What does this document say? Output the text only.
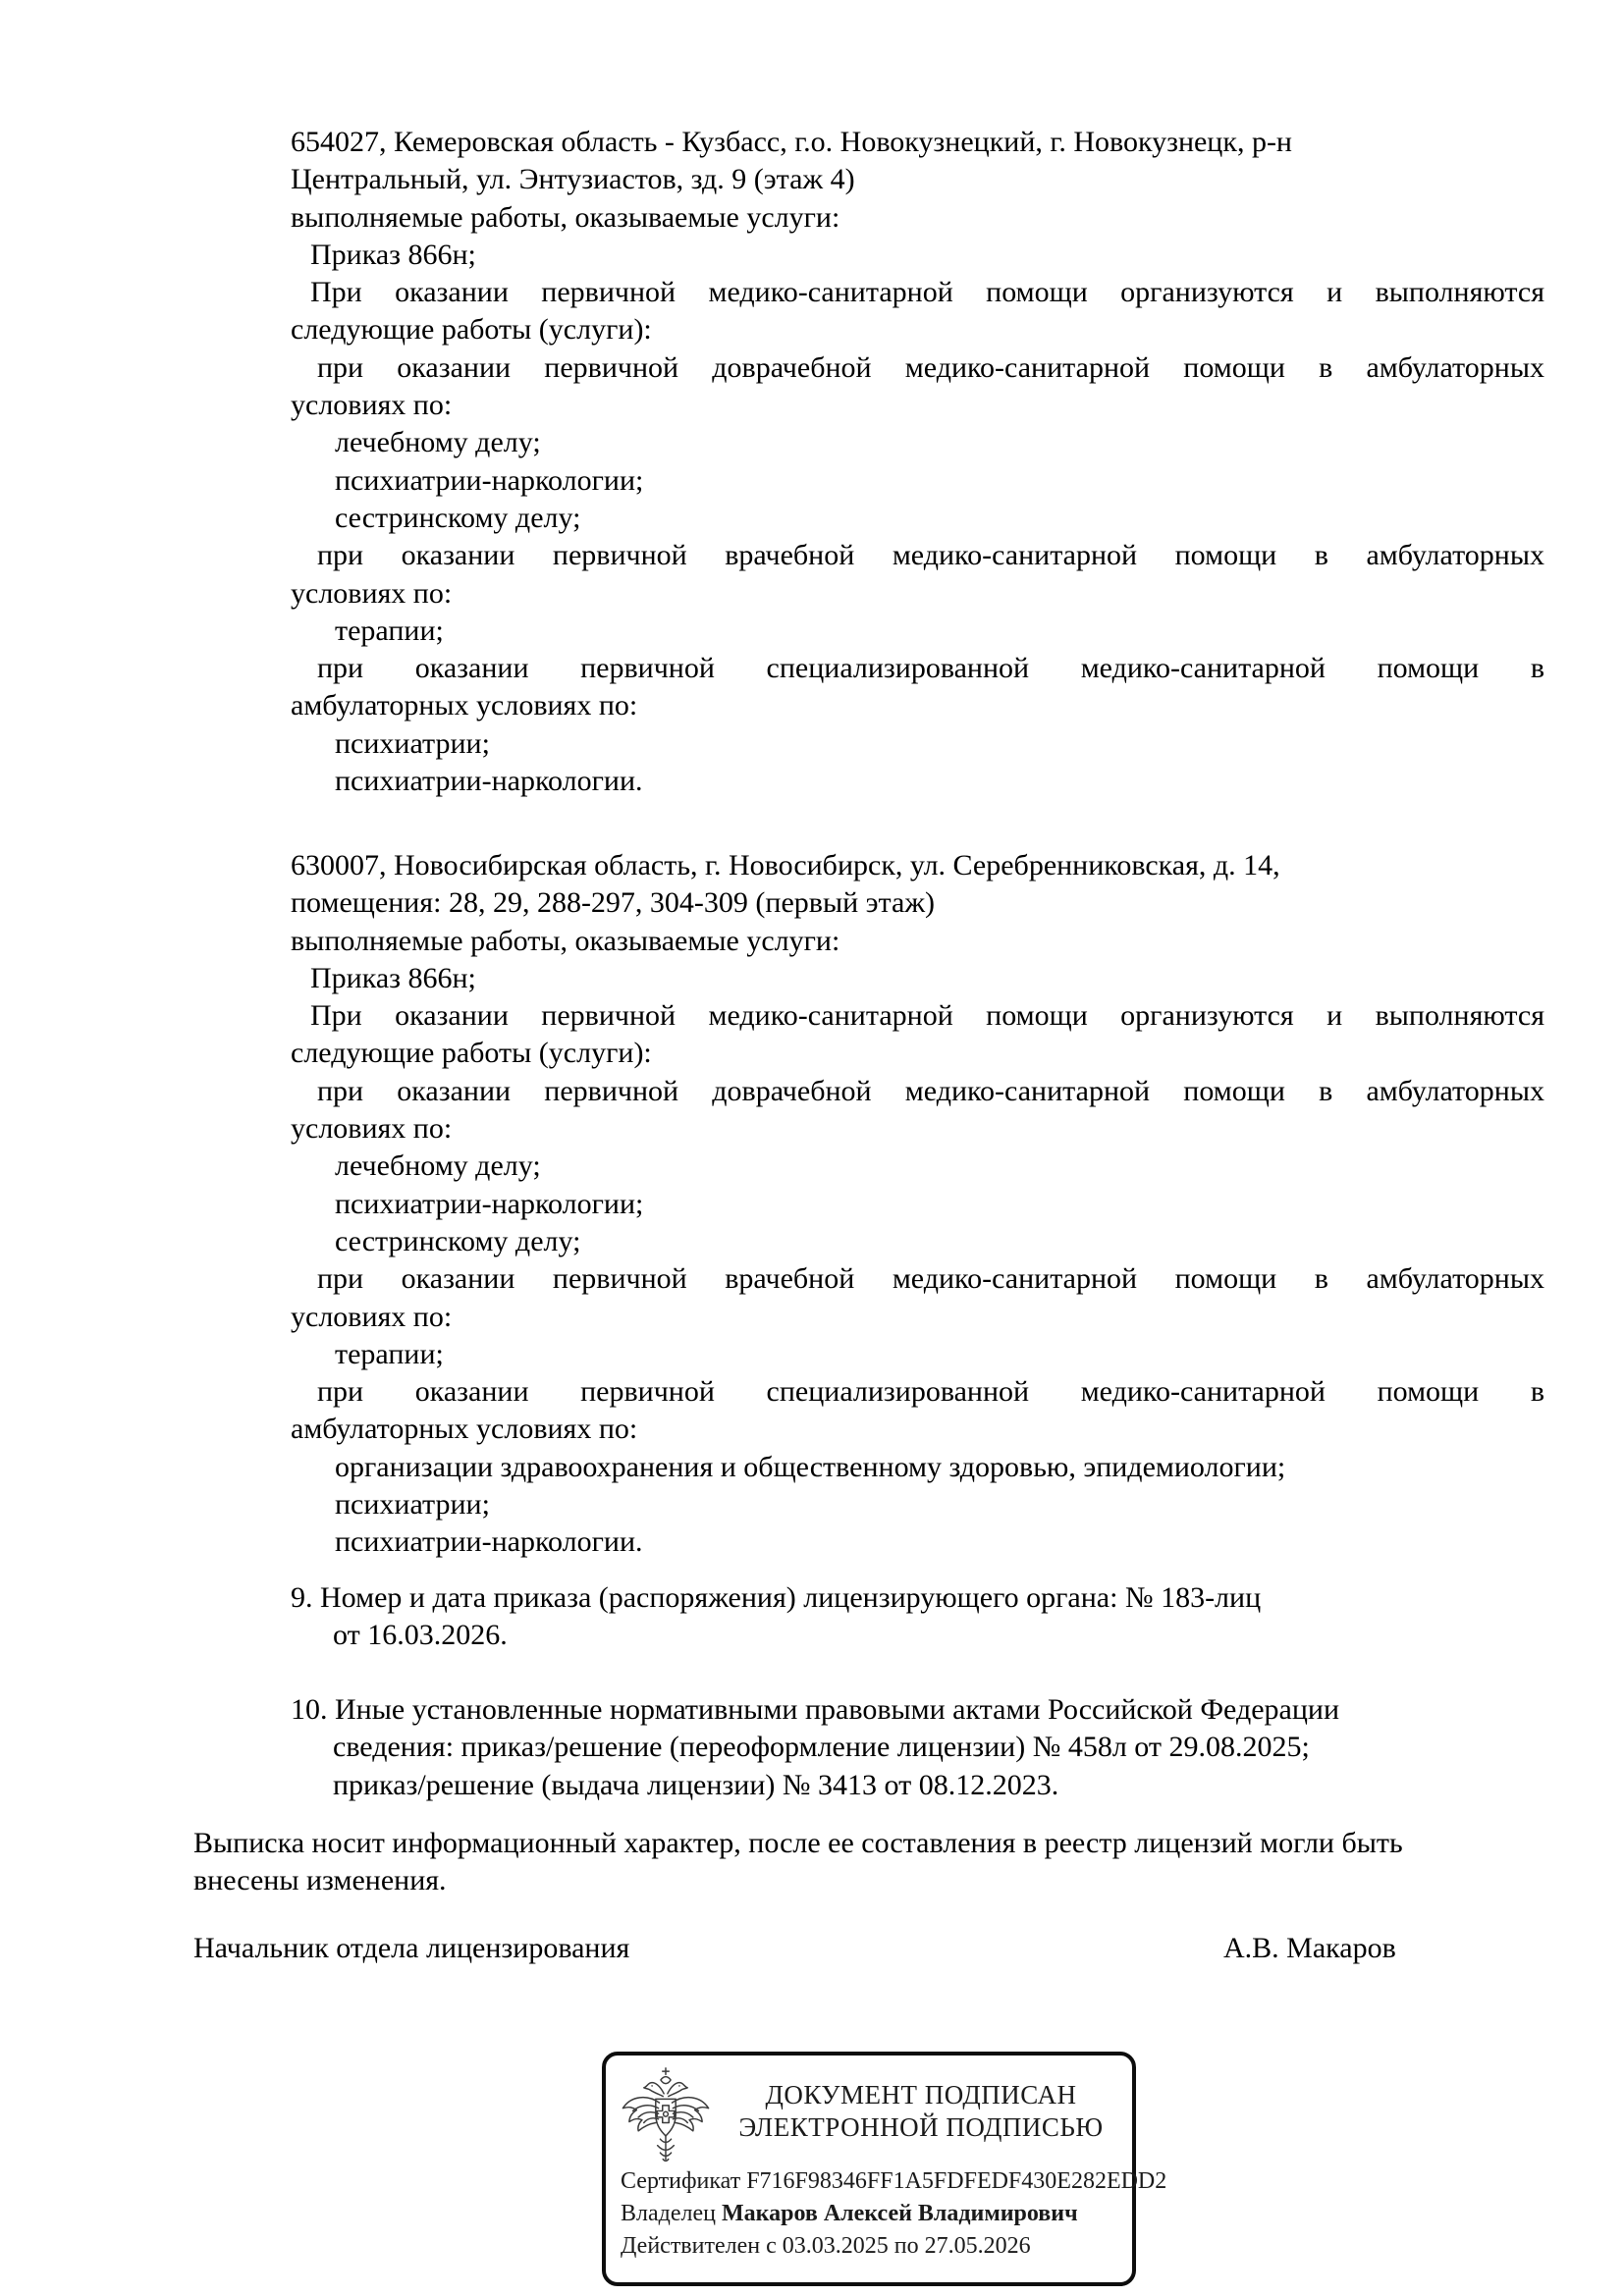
654027, Кемеровская область - Кузбасс, г.о. Новокузнецкий, г. Новокузнецк, р-н
Центральный, ул. Энтузиастов, зд. 9 (этаж 4)
выполняемые работы, оказываемые услуги:
Приказ 866н;
При оказании первичной медико-санитарной помощи организуются и выполняются
следующие работы (услуги):
при оказании первичной доврачебной медико-санитарной помощи в амбулаторных
условиях по:
лечебному делу;
психиатрии-наркологии;
сестринскому делу;
при оказании первичной врачебной медико-санитарной помощи в амбулаторных
условиях по:
терапии;
при оказании первичной специализированной медико-санитарной помощи в
амбулаторных условиях по:
психиатрии;
психиатрии-наркологии.
630007, Новосибирская область, г. Новосибирск, ул. Серебренниковская, д. 14,
помещения: 28, 29, 288-297, 304-309 (первый этаж)
выполняемые работы, оказываемые услуги:
Приказ 866н;
При оказании первичной медико-санитарной помощи организуются и выполняются
следующие работы (услуги):
при оказании первичной доврачебной медико-санитарной помощи в амбулаторных
условиях по:
лечебному делу;
психиатрии-наркологии;
сестринскому делу;
при оказании первичной врачебной медико-санитарной помощи в амбулаторных
условиях по:
терапии;
при оказании первичной специализированной медико-санитарной помощи в
амбулаторных условиях по:
организации здравоохранения и общественному здоровью, эпидемиологии;
психиатрии;
психиатрии-наркологии.
9. Номер и дата приказа (распоряжения) лицензирующего органа: № 183-лиц
от 16.03.2026.
10. Иные установленные нормативными правовыми актами Российской Федерации
сведения: приказ/решение (переоформление лицензии) № 458л от 29.08.2025;
приказ/решение (выдача лицензии) № 3413 от 08.12.2023.
Выписка носит информационный характер, после ее составления в реестр лицензий могли быть
внесены изменения.
Начальник отдела лицензирования	А.В. Макаров
ДОКУМЕНТ ПОДПИСАН
ЭЛЕКТРОННОЙ ПОДПИСЬЮ
Сертификат F716F98346FF1A5FDFEDF430E282EDD2
Владелец Макаров Алексей Владимирович
Действителен с 03.03.2025 по 27.05.2026
